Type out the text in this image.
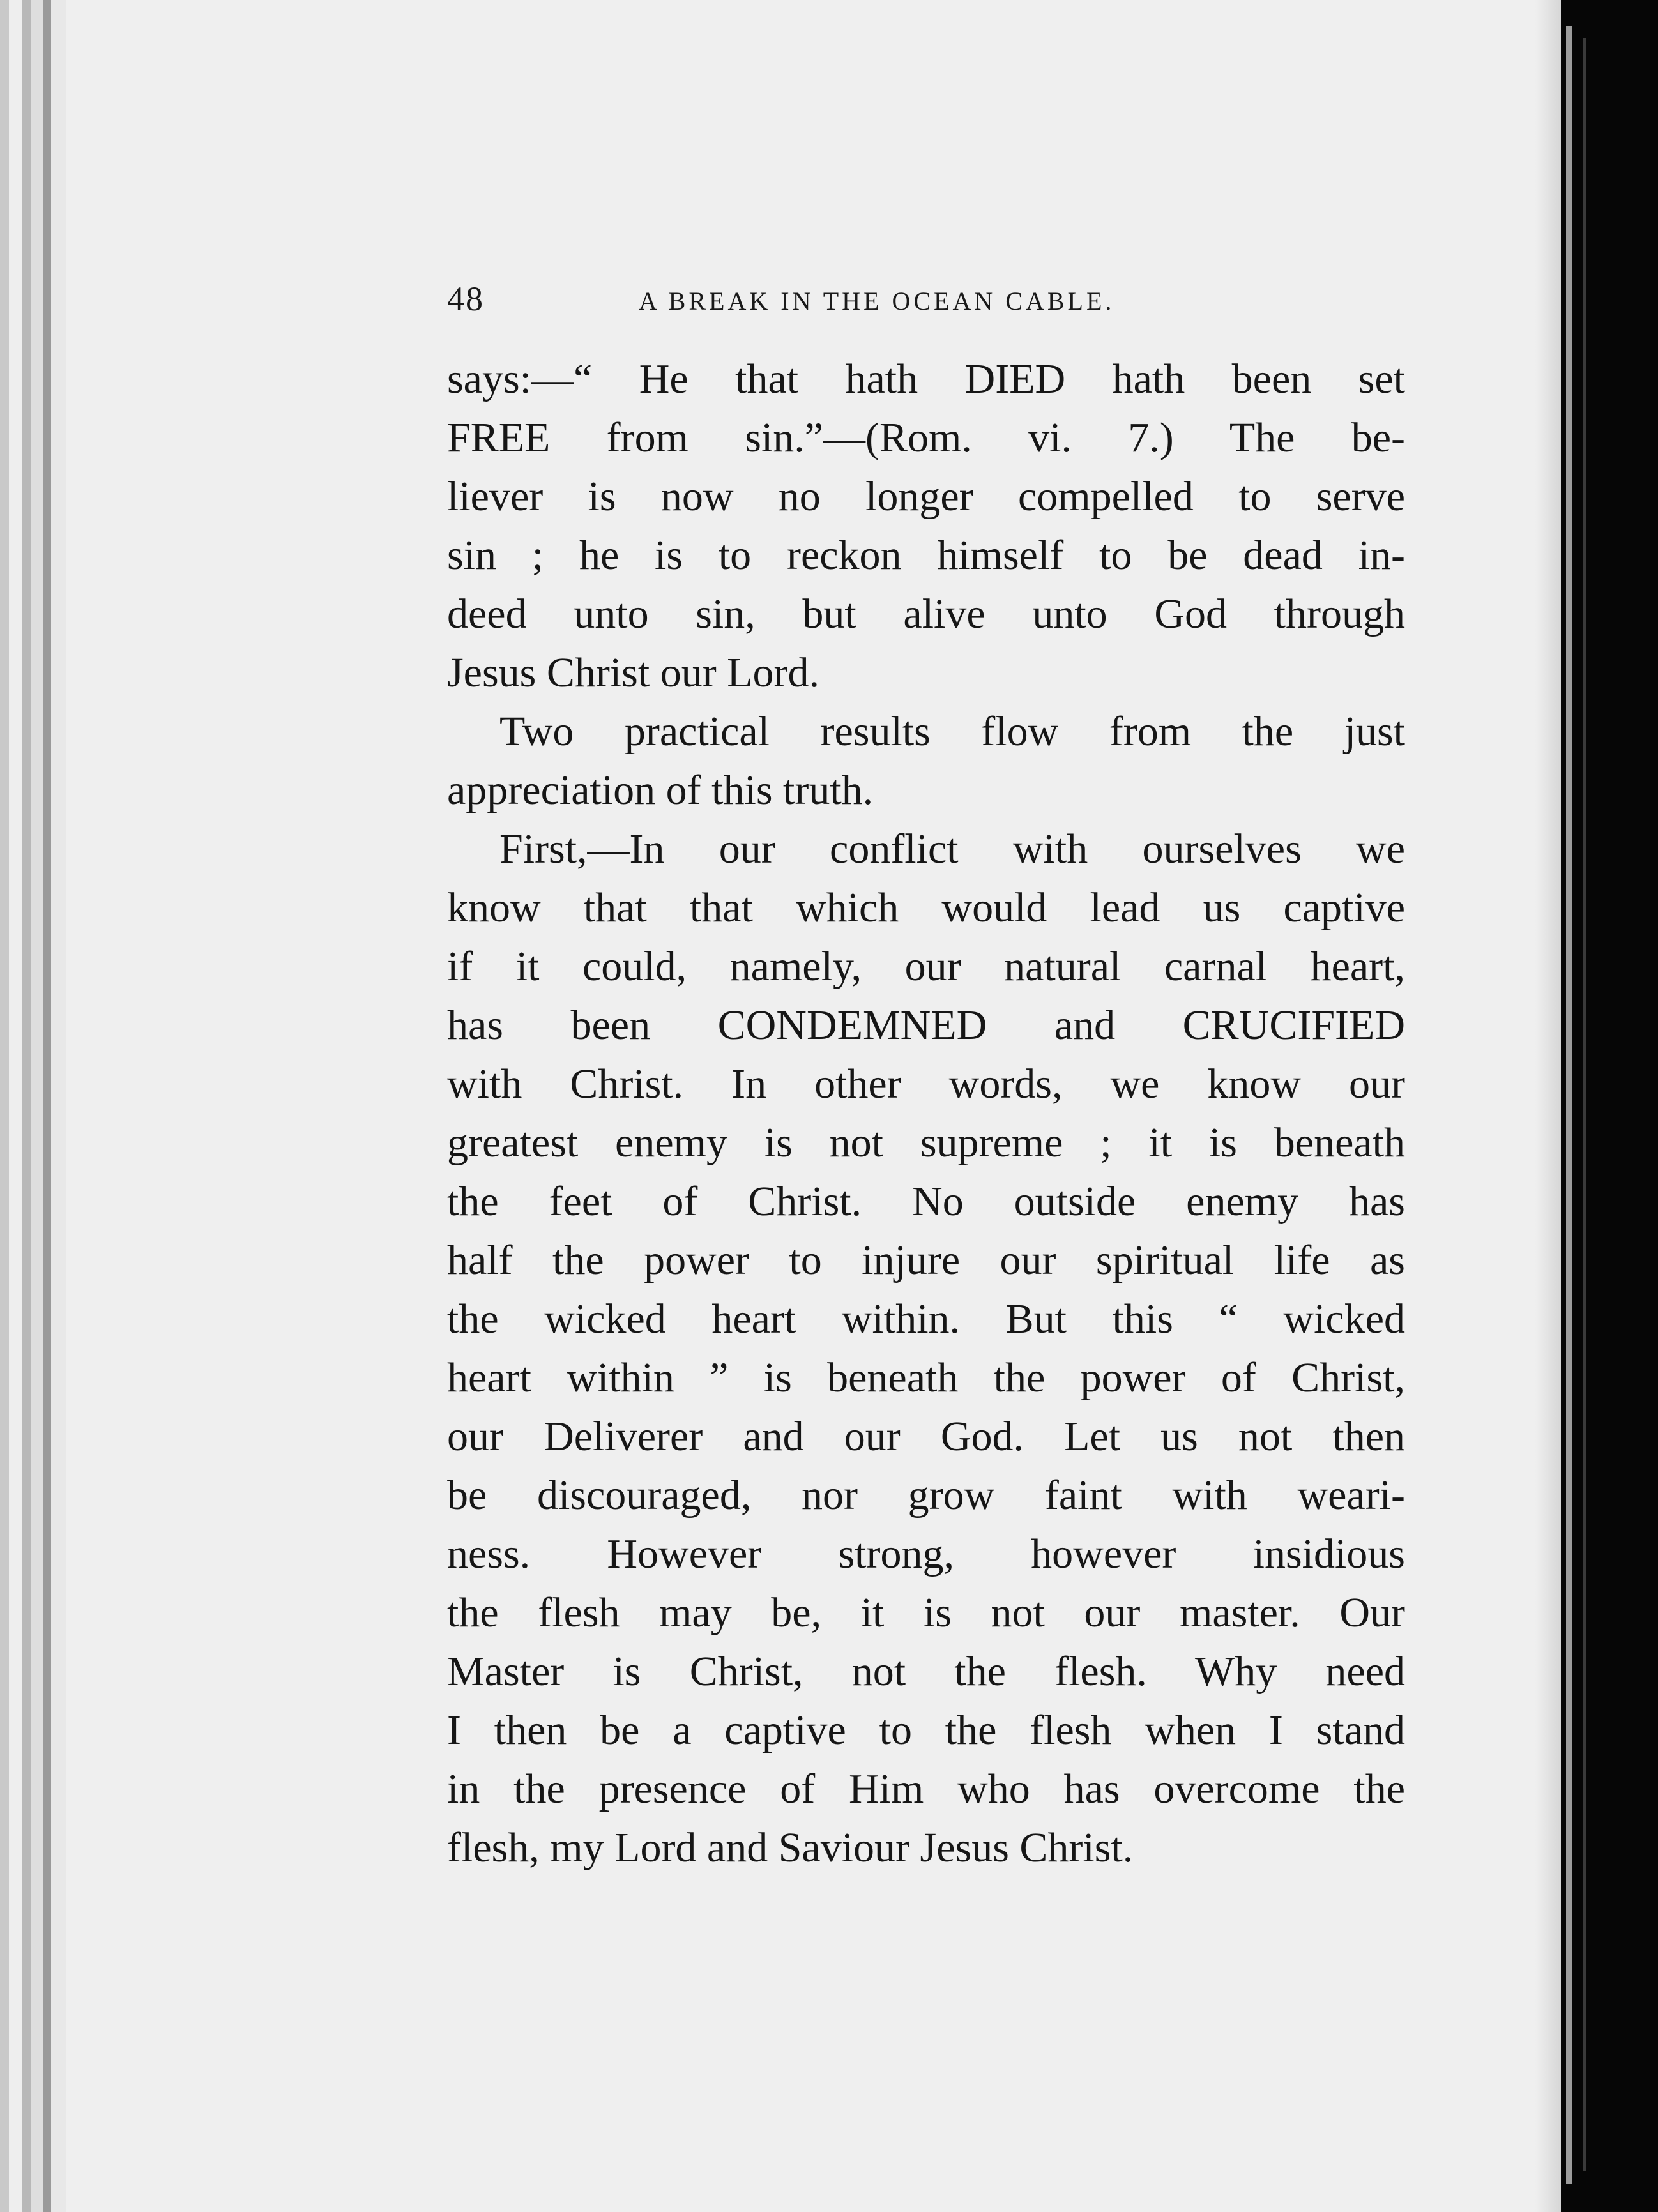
48	A BREAK IN THE OCEAN CABLE.
says:—“ He that hath DIED hath been set
FREE from sin.”—(Rom. vi. 7.) The be-
liever is now no longer compelled to serve
sin ; he is to reckon himself to be dead in-
deed unto sin, but alive unto God through
Jesus Christ our Lord.
Two practical results flow from the just
appreciation of this truth.
First,—In our conflict with ourselves we
know that that which would lead us captive
if it could, namely, our natural carnal heart,
has been CONDEMNED and CRUCIFIED
with Christ. In other words, we know our
greatest enemy is not supreme ; it is beneath
the feet of Christ. No outside enemy has
half the power to injure our spiritual life as
the wicked heart within. But this “ wicked
heart within ” is beneath the power of Christ,
our Deliverer and our God. Let us not then
be discouraged, nor grow faint with weari-
ness. However strong, however insidious
the flesh may be, it is not our master. Our
Master is Christ, not the flesh. Why need
I then be a captive to the flesh when I stand
in the presence of Him who has overcome the
flesh, my Lord and Saviour Jesus Christ.
